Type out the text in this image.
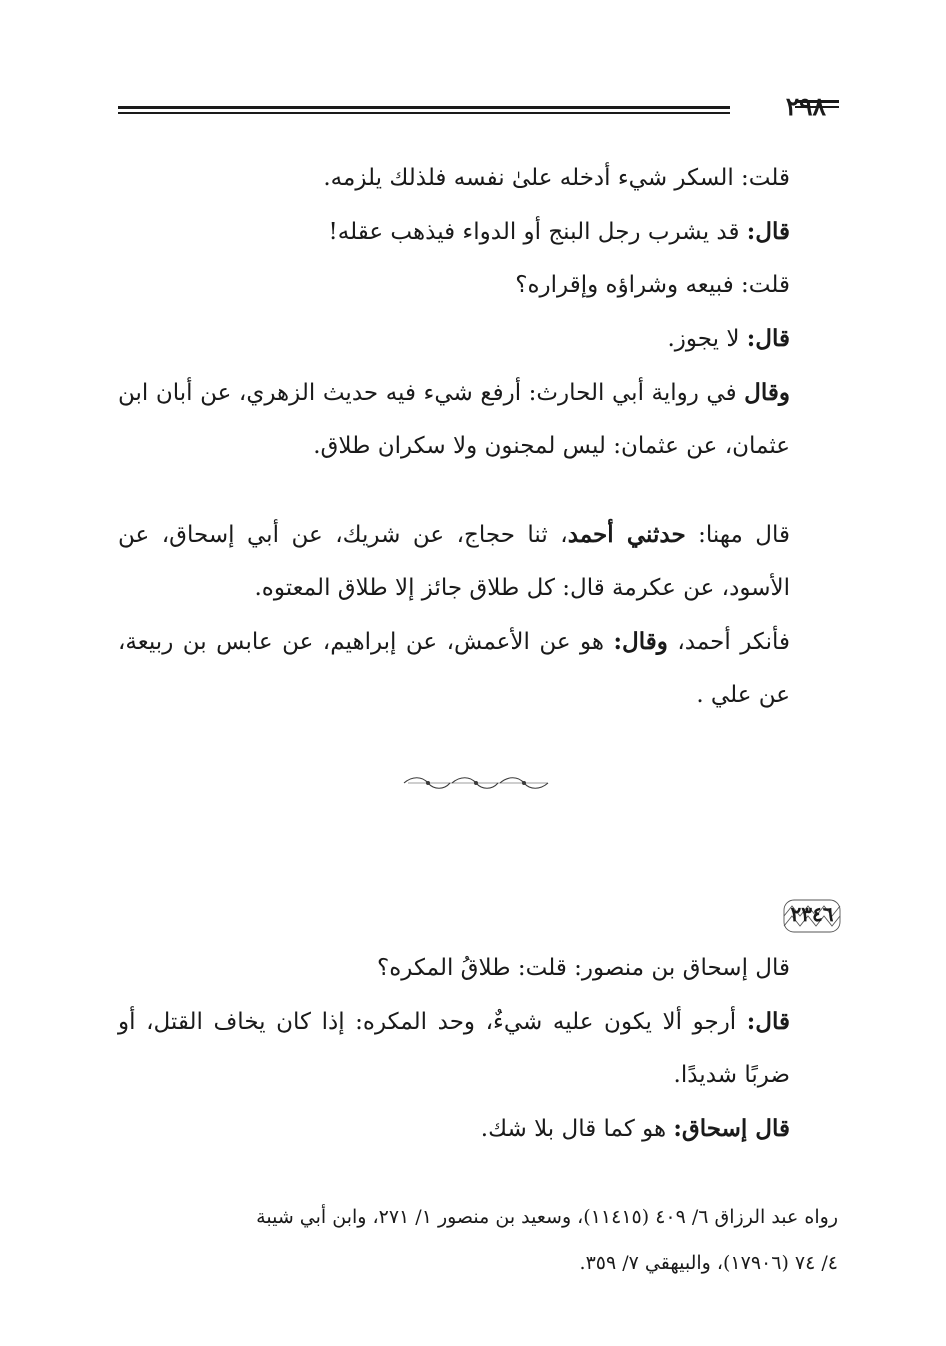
٢٩٨

قلت: السكر شيء أدخله علىٰ نفسه فلذلك يلزمه.

قال: قد يشرب رجل البنج أو الدواء فيذهب عقله!

قلت: فبيعه وشراؤه وإقراره؟

قال: لا يجوز.

وقال في رواية أبي الحارث: أرفع شيء فيه حديث الزهري، عن أبان ابن عثمان، عن عثمان: ليس لمجنون ولا سكران طلاق.

قال مهنا: حدثني أحمد، ثنا حجاج، عن شريك، عن أبي إسحاق، عن الأسود، عن عكرمة قال: كل طلاق جائز إلا طلاق المعتوه.

فأنكر أحمد، وقال: هو عن الأعمش، عن إبراهيم، عن عابس بن ربيعة، عن علي .

٢٣٤٦

قال إسحاق بن منصور: قلت: طلاقُ المكره؟

قال: أرجو ألا يكون عليه شيءٌ، وحد المكره: إذا كان يخاف القتل، أو ضربًا شديدًا.

قال إسحاق: هو كما قال بلا شك.

رواه عبد الرزاق ٦/ ٤٠٩ (١١٤١٥)، وسعيد بن منصور ١/ ٢٧١، وابن أبي شيبة

٤/ ٧٤ (١٧٩٠٦)، والبيهقي ٧/ ٣٥٩.
